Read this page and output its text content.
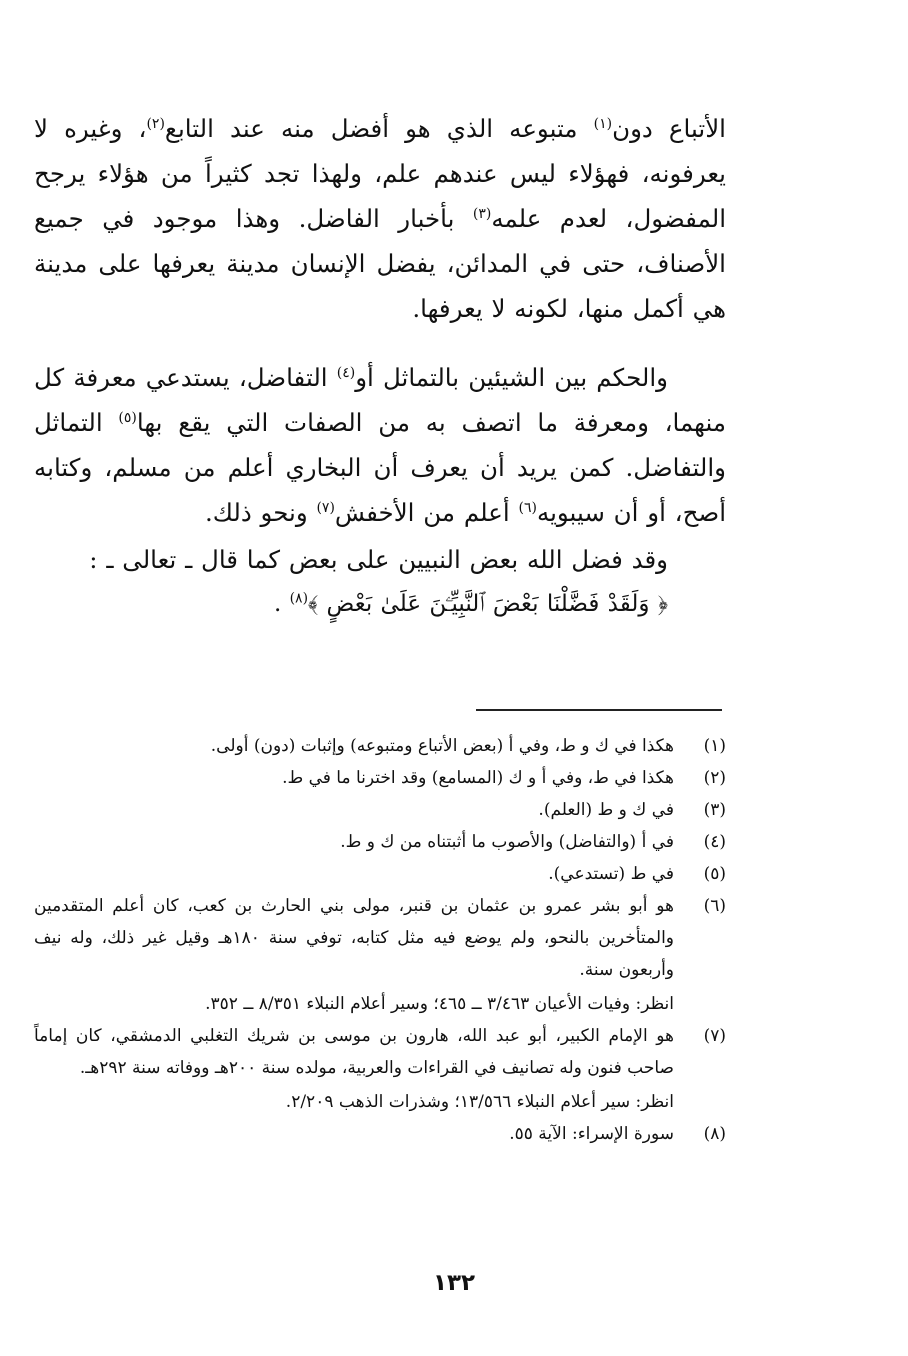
الأتباع دون$^{(١)}$ متبوعه الذي هو أفضل منه عند التابع$^{(٢)}$، وغيره لا يعرفونه، فهؤلاء ليس عندهم علم، ولهذا تجد كثيراً من هؤلاء يرجح المفضول، لعدم علمه$^{(٣)}$ بأخبار الفاضل. وهذا موجود في جميع الأصناف، حتى في المدائن، يفضل الإنسان مدينة يعرفها على مدينة هي أكمل منها، لكونه لا يعرفها.

والحكم بين الشيئين بالتماثل أو$^{(٤)}$ التفاضل، يستدعي معرفة كل منهما، ومعرفة ما اتصف به من الصفات التي يقع بها$^{(٥)}$ التماثل والتفاضل. كمن يريد أن يعرف أن البخاري أعلم من مسلم، وكتابه أصح، أو أن سيبويه$^{(٦)}$ أعلم من الأخفش$^{(٧)}$ ونحو ذلك.

وقد فضل الله بعض النبيين على بعض كما قال ـ تعالى ـ :

﴿ وَلَقَدْ فَضَّلْنَا بَعْضَ ٱلنَّبِيِّـۧنَ عَلَىٰ بَعْضٍ ﴾$^{(٨)}$ .

(١)
هكذا في ك و ط، وفي أ (بعض الأتباع ومتبوعه) وإثبات (دون) أولى.
(٢)
هكذا في ط، وفي أ و ك (المسامع) وقد اخترنا ما في ط.
(٣)
في ك و ط (العلم).
(٤)
في أ (والتفاضل) والأصوب ما أثبتناه من ك و ط.
(٥)
في ط (تستدعي).
(٦)
هو أبو بشر عمرو بن عثمان بن قنبر، مولى بني الحارث بن كعب، كان أعلم المتقدمين والمتأخرين بالنحو، ولم يوضع فيه مثل كتابه، توفي سنة ١٨٠هـ وقيل غير ذلك، وله نيف وأربعون سنة.
انظر: وفيات الأعيان ٣/٤٦٣ ــ ٤٦٥؛ وسير أعلام النبلاء ٨/٣٥١ ــ ٣٥٢.
(٧)
هو الإمام الكبير، أبو عبد الله، هارون بن موسى بن شريك التغلبي الدمشقي، كان إماماً صاحب فنون وله تصانيف في القراءات والعربية، مولده سنة ٢٠٠هـ ووفاته سنة ٢٩٢هـ.
انظر: سير أعلام النبلاء ١٣/٥٦٦؛ وشذرات الذهب ٢/٢٠٩.
(٨)
سورة الإسراء: الآية ٥٥.
١٣٢
